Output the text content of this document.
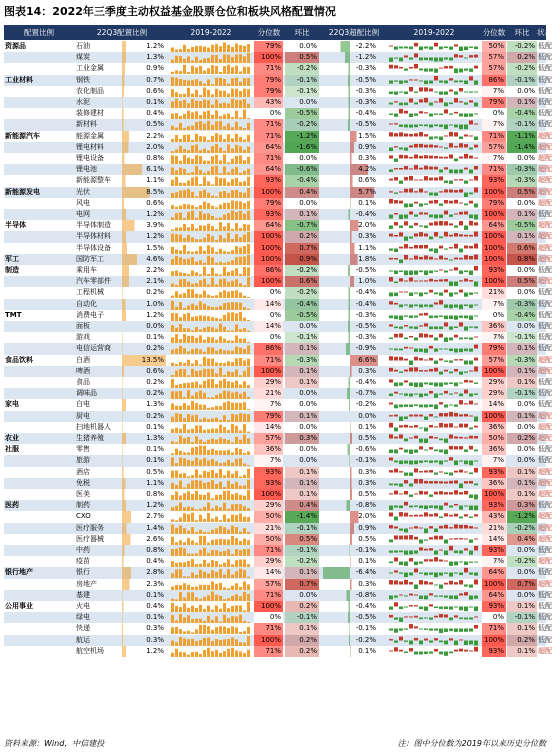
图表14：2022年三季度主动权益基金股票仓位和板块风格配置情况
配置比例	22Q3配置比例	2019-2022	分位数	环比	22Q3超配比例	2019-2022	分位数	环比	状态
资源品	石油	1.2%	79%	0.0%	-2.2%	50%	-0.2% 低配
煤炭	1.3%	100%	0.5%	-1.2%	57%	0.2% 低配
工业金属	0.9%	71%	-0.2%	-0.3%	57%	-0.2% 低配
工业材料	钢铁	0.7%	79%	-0.1%	-0.5%	86%	-0.1% 低配
农化制品	0.6%	79%	-0.1%	-0.3%	7%	0.0% 低配
水泥	0.1%	43%	0.0%	-0.3%	79%	0.1% 低配
装修建材	0.4%	0%	-0.5%	-0.4%	0%	-0.4% 低配
新材料	0.5%	71%	-0.2%	-0.5%	7%	-0.1% 低配
新能源汽车	能源金属	2.2%	71%	-1.2%	1.5%	71%	-1.1% 超配
锂电材料	2.0%	64%	-1.6%	0.9%	57%	-1.4% 超配
锂电设备	0.8%	71%	0.0%	0.3%	7%	0.0% 超配
锂电池	6.1%	64%	-0.6%	4.2%	71%	-0.3% 超配
新能源整车	1.1%	93%	-0.4%	0.6%	93%	-0.3% 超配
新能源发电	光伏	8.5%	100%	0.4%	5.7%	100%	0.5% 超配
风电	0.6%	79%	0.0%	0.1%	79%	0.0% 超配
电网	1.2%	93%	0.1%	-0.4%	100%	0.1% 低配
半导体	半导体制造	3.9%	64%	-0.7%	2.0%	64%	-0.5% 超配
半导体材料	1.2%	100%	0.2%	0.3%	100%	0.1% 超配
半导体设备	1.5%	100%	0.7%	1.1%	100%	0.6% 超配
军工	国防军工	4.6%	100%	0.9%	1.8%	100%	0.8% 超配
制造	乘用车	2.2%	86%	-0.2%	-0.5%	93%	0.0% 低配
汽车零部件	2.1%	100%	0.6%	1.0%	100%	0.5% 超配
工程机械	0.2%	0%	-0.2%	-0.4%	21%	0.0% 低配
自动化	1.0%	14%	-0.4%	-0.4%	7%	-0.3% 低配
TMT	消费电子	1.2%	0%	-0.5%	-0.3%	0%	-0.4% 低配
面板	0.0%	14%	0.0%	-0.5%	36%	0.0% 低配
游戏	0.1%	0%	-0.1%	-0.3%	7%	-0.1% 低配
电信运营商	0.2%	86%	0.1%	-0.9%	79%	0.1% 低配
食品饮料	白酒	13.5%	71%	-0.3%	6.6%	57%	-0.3% 超配
啤酒	0.6%	100%	0.1%	0.3%	100%	0.1% 超配
食品	0.2%	29%	0.1%	-0.4%	29%	0.1% 低配
调味品	0.2%	21%	0.0%	-0.7%	29%	-0.1% 低配
家电	白电	1.3%	7%	0.0%	-0.2%	14%	0.0% 低配
厨电	0.2%	79%	0.1%	0.0%	100%	0.1% 超配
扫地机器人	0.1%	14%	0.0%	0.1%	36%	0.0% 超配
农业	生猪养殖	1.3%	57%	0.3%	0.5%	50%	0.2% 超配
社服	零售	0.1%	36%	0.0%	-0.6%	36%	0.0% 低配
旅游	0.1%	7%	0.0%	-0.1%	7%	0.0% 低配
酒店	0.5%	93%	0.1%	0.3%	93%	0.1% 超配
免税	1.1%	93%	0.1%	0.3%	36%	0.1% 超配
医美	0.8%	100%	0.1%	0.5%	100%	0.1% 超配
医药	制药	1.2%	29%	0.4%	-0.8%	93%	0.3% 低配
CXO	2.7%	50%	-1.4%	2.0%	43%	-1.2% 超配
医疗服务	1.4%	21%	-0.1%	0.9%	21%	-0.2% 超配
医疗器械	2.6%	50%	0.5%	0.5%	14%	0.4% 超配
中药	0.8%	71%	-0.1%	-0.1%	93%	0.0% 低配
疫苗	0.4%	29%	-0.2%	0.1%	7%	-0.2% 超配
银行地产	银行	2.8%	14%	0.1%	-6.4%	64%	0.0% 低配
房地产	2.3%	57%	0.7%	0.3%	100%	0.7% 超配
基建	0.1%	71%	0.0%	-0.8%	64%	0.0% 低配
公用事业	火电	0.4%	100%	0.2%	-0.4%	93%	0.1% 低配
绿电	0.1%	0%	-0.1%	-0.5%	0%	-0.1% 低配
快递	0.3%	71%	0.1%	-0.1%	71%	0.1% 低配
航运	0.3%	100%	0.2%	-0.2%	100%	0.2% 低配
航空机场	1.2%	71%	0.2%	0.1%	93%	0.1% 超配
资料来源：Wind，中信建投	注：图中分位数为2019年以来历史分位数
